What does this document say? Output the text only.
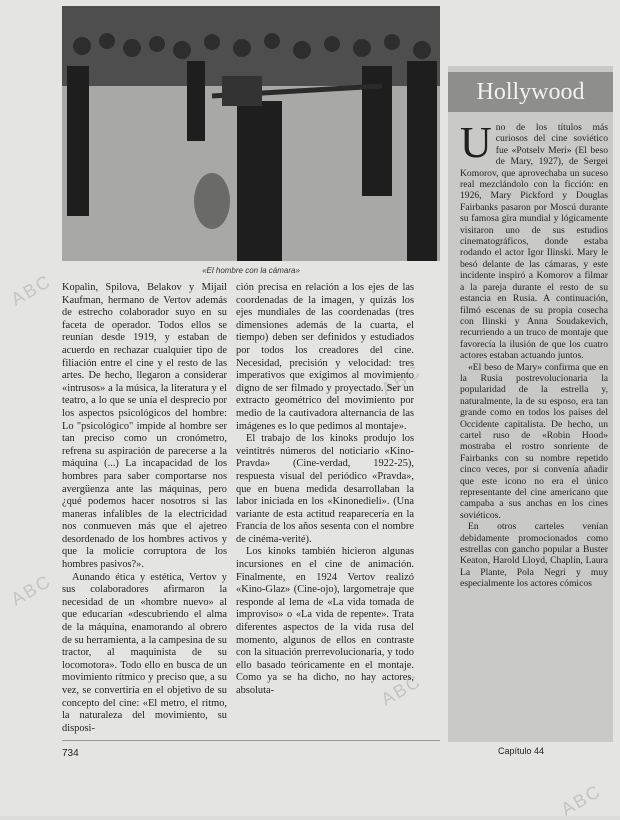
«El hombre con la cámara»
ABC
ABC
ABC
ABC
ABC

Kopalin, Spilova, Belakov y Mijail Kaufman, hermano de Vertov además de estrecho colaborador suyo en su faceta de operador. Todos ellos se reunían desde 1919, y estaban de acuerdo en rechazar cualquier tipo de filiación entre el cine y el resto de las artes. De hecho, llegaron a considerar «intrusos» a la música, la literatura y el teatro, a lo que se unía el desprecio por los aspectos psicológicos del hombre: Lo "psicológico" impide al hombre ser tan preciso como un cronómetro, refrena su aspiración de parecerse a la máquina (...) La incapacidad de los hombres para saber comportarse nos avergüenza ante las máquinas, pero ¿qué podemos hacer nosotros si las maneras infalibles de la electricidad nos conmueven más que el ajetreo desordenado de los hombres activos y que la molicie corruptora de los hombres pasivos?».

Aunando ética y estética, Vertov y sus colaboradores afirmaron la necesidad de un «hombre nuevo» al que educarían «descubriendo el alma de la máquina, enamorando al obrero de su herramienta, a la campesina de su tractor, al maquinista de su locomotora». Todo ello en busca de un movimiento rítmico y preciso que, a su vez, se convertiría en el objetivo de su concepto del cine: «El metro, el ritmo, la naturaleza del movimiento, su disposi-

ción precisa en relación a los ejes de las coordenadas de la imagen, y quizás los ejes mundiales de las coordenadas (tres dimensiones además de la cuarta, el tiempo) deben ser definidos y estudiados por todos los creadores del cine. Necesidad, precisión y velocidad: tres imperativos que exigimos al movimiento digno de ser filmado y proyectado. Ser un extracto geométrico del movimiento por medio de la cautivadora alternancia de las imágenes es lo que pedimos al montaje».

El trabajo de los kinoks produjo los veintitrés números del noticiario «Kino-Pravda» (Cine-verdad, 1922-25), respuesta visual del periódico «Pravda», que en buena medida desarrollaban la labor iniciada en los «Kinonedieli». (Una variante de esta actitud reaparecería en la Francia de los años sesenta con el nombre de cinéma-verité).

Los kinoks también hicieron algunas incursiones en el cine de animación. Finalmente, en 1924 Vertov realizó «Kino-Glaz» (Cine-ojo), largometraje que responde al lema de «La vida tomada de improviso» o «La vida de repente». Trata diferentes aspectos de la vida rusa del momento, algunos de ellos en contraste con la situación prerrevolucionaria, y todo ello basado teóricamente en el montaje. Como ya se ha dicho, no hay actores, absoluta-

Hollywood

Uno de los títulos más curiosos del cine soviético fue «Potselv Meri» (El beso de Mary, 1927), de Sergei Komorov, que aprovechaba un suceso real mezclándolo con la ficción: en 1926, Mary Pickford y Douglas Fairbanks pasaron por Moscú durante su famosa gira mundial y lógicamente visitaron uno de sus estudios cinematográficos, donde estaba rodando el actor Igor Ilinski. Mary le besó delante de las cámaras, y este incidente inspiró a Komorov a filmar a la pareja durante el resto de su estancia en Rusia. A continuación, filmó escenas de su propia cosecha con Ilinski y Anna Soudakevich, recurriendo a un truco de montaje que favorecía la ilusión de que los cuatro actores estaban actuando juntos.

«El beso de Mary» confirma que en la Rusia postrevolucionaria la popularidad de la estrella y, naturalmente, la de su esposo, era tan grande como en todos los países del Occidente capitalista. De hecho, un cartel ruso de «Robin Hood» mostraba el rostro sonriente de Fairbanks con su nombre repetido cinco veces, por si convenía añadir que este icono no era el único representante del cine americano que campaba a sus anchas en los cines soviéticos.

En otros carteles venían debidamente promocionados como estrellas con gancho popular a Buster Keaton, Harold Lloyd, Chaplin, Laura La Plante, Pola Negri y muy especialmente los actores cómicos

734	Capítulo 44
